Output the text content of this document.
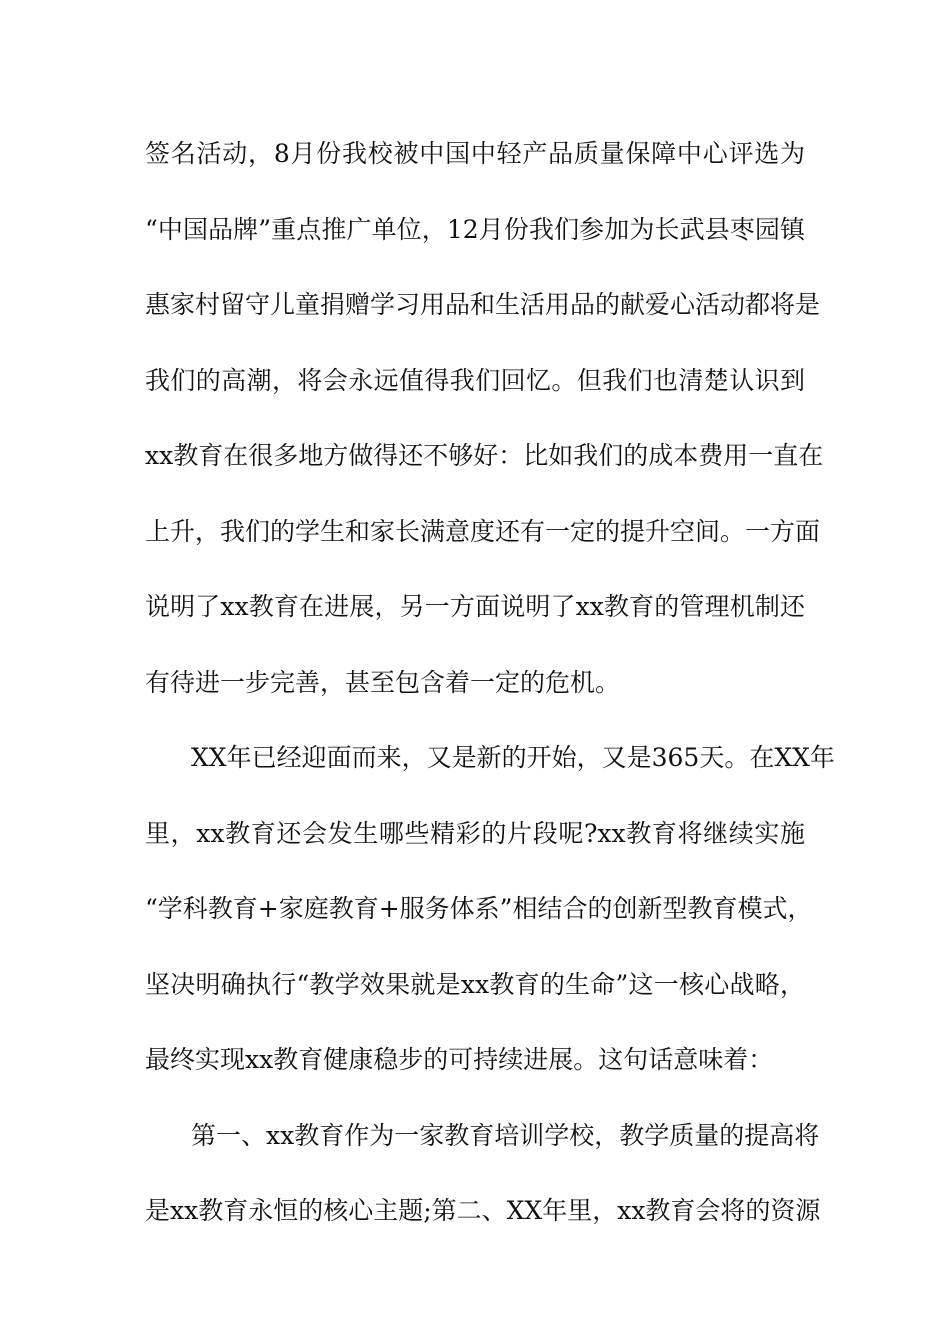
签名活动，8月份我校被中国中轻产品质量保障中心评选为
“中国品牌”重点推广单位，12月份我们参加为长武县枣园镇
惠家村留守儿童捐赠学习用品和生活用品的献爱心活动都将是
我们的高潮，将会永远值得我们回忆。但我们也清楚认识到
xx教育在很多地方做得还不够好：比如我们的成本费用一直在
上升，我们的学生和家长满意度还有一定的提升空间。一方面
说明了xx教育在进展，另一方面说明了xx教育的管理机制还
有待进一步完善，甚至包含着一定的危机。
XX年已经迎面而来，又是新的开始，又是365天。在XX年
里，xx教育还会发生哪些精彩的片段呢?xx教育将继续实施
“学科教育+家庭教育+服务体系”相结合的创新型教育模式，
坚决明确执行“教学效果就是xx教育的生命”这一核心战略，
最终实现xx教育健康稳步的可持续进展。这句话意味着：
第一、xx教育作为一家教育培训学校，教学质量的提高将
是xx教育永恒的核心主题;第二、XX年里，xx教育会将的资源
